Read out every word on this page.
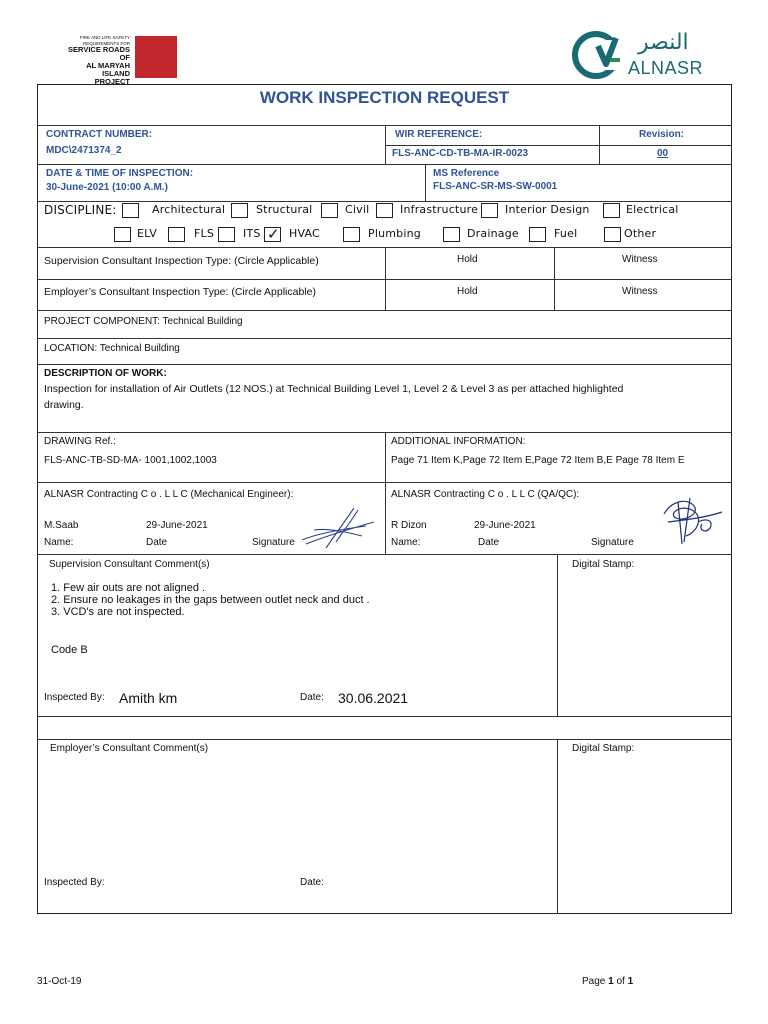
FIRE AND LIFE SAFETY
REQUIREMENTS FOR
SERVICE ROADS OF
AL MARYAH ISLAND
PROJECT
النصر
ALNASR
WORK INSPECTION REQUEST
CONTRACT NUMBER:
MDC\2471374_2
WIR REFERENCE:
FLS-ANC-CD-TB-MA-IR-0023
Revision:
00
DATE & TIME OF INSPECTION:
30-June-2021 (10:00 A.M.)
MS Reference
FLS-ANC-SR-MS-SW-0001
DISCIPLINE:	Architectural	Structural	Civil	Infrastructure Interior Design	Electrical
ELV	FLS	ITS ✓ HVAC	Plumbing	Drainage	Fuel	Other
Supervision Consultant Inspection Type: (Circle Applicable)	Hold	Witness
Employer’s Consultant Inspection Type: (Circle Applicable)	Hold	Witness
PROJECT COMPONENT: Technical Building
LOCATION: Technical Building
DESCRIPTION OF WORK:
Inspection for installation of Air Outlets (12 NOS.) at Technical Building Level 1, Level 2 & Level 3 as per attached highlighted
drawing.
DRAWING Ref.:
FLS-ANC-TB-SD-MA- 1001,1002,1003
ADDITIONAL INFORMATION:
Page 71 Item K,Page 72 Item E,Page 72 Item B,E Page 78 Item E
ALNASR Contracting C o . L L C (Mechanical Engineer):
M.Saab	29-June-2021
Name:	Date	Signature
ALNASR Contracting C o . L L C (QA/QC):
R Dizon	29-June-2021
Name:	Date	Signature
Supervision Consultant Comment(s)	Digital Stamp:
1. Few air outs are not aligned .
2. Ensure no leakages in the gaps between outlet neck and duct .
3. VCD's are not inspected.
Code B
Inspected By: Amith km	Date: 30.06.2021
Employer’s Consultant Comment(s)	Digital Stamp:
Inspected By:	Date:
31-Oct-19	Page 1 of 1
